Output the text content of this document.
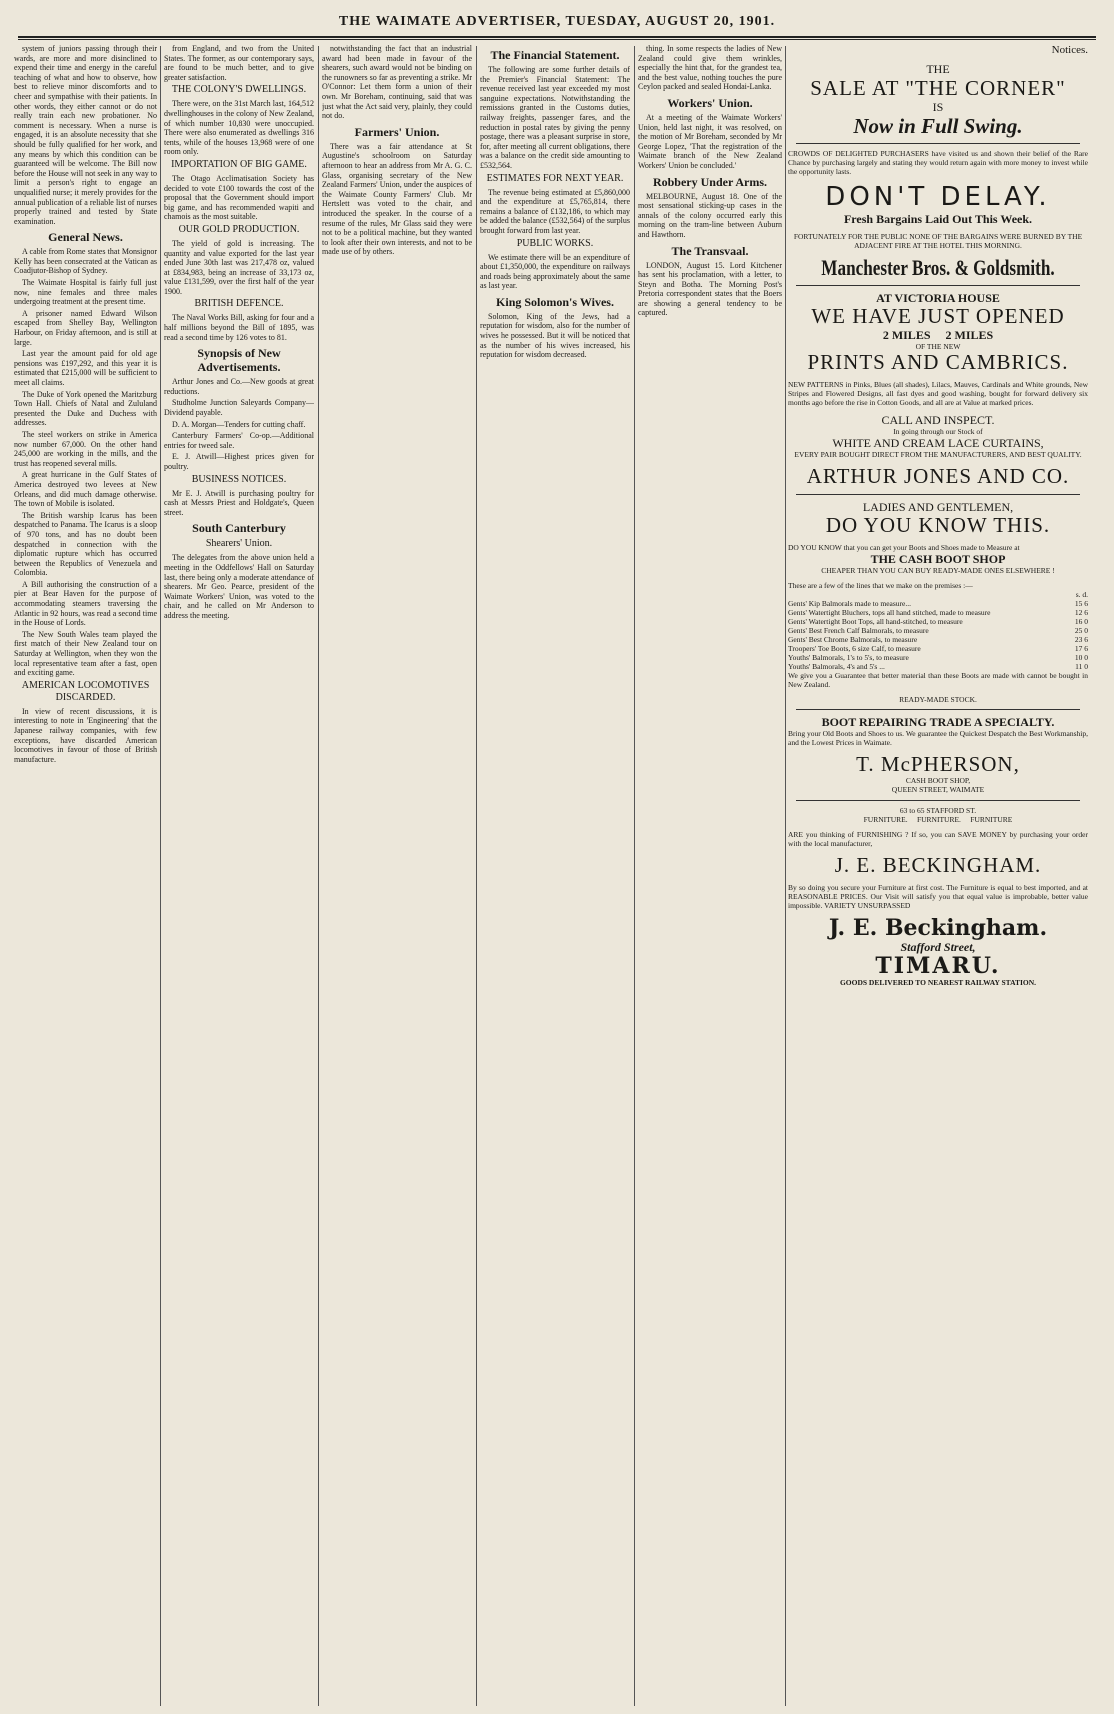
THE WAIMATE ADVERTISER, TUESDAY, AUGUST 20, 1901.

system of juniors passing through their wards, are more and more disinclined to expend their time and energy in the careful teaching of what and how to observe, how best to relieve minor discomforts and to cheer and sympathise with their patients. In other words, they either cannot or do not really train each new probationer. No comment is necessary. When a nurse is engaged, it is an absolute necessity that she should be fully qualified for her work, and any means by which this condition can be guaranteed will be welcome. The Bill now before the House will not seek in any way to limit a person's right to engage an unqualified nurse; it merely provides for the annual publication of a reliable list of nurses properly trained and tested by State examination.

General News.

A cable from Rome states that Monsignor Kelly has been consecrated at the Vatican as Coadjutor-Bishop of Sydney.

The Waimate Hospital is fairly full just now, nine females and three males undergoing treatment at the present time.

A prisoner named Edward Wilson escaped from Shelley Bay, Wellington Harbour, on Friday afternoon, and is still at large.

Last year the amount paid for old age pensions was £197,292, and this year it is estimated that £215,000 will be sufficient to meet all claims.

The Duke of York opened the Maritzburg Town Hall. Chiefs of Natal and Zululand presented the Duke and Duchess with addresses.

The steel workers on strike in America now number 67,000. On the other hand 245,000 are working in the mills, and the trust has reopened several mills.

A great hurricane in the Gulf States of America destroyed two levees at New Orleans, and did much damage otherwise. The town of Mobile is isolated.

The British warship Icarus has been despatched to Panama. The Icarus is a sloop of 970 tons, and has no doubt been despatched in connection with the diplomatic rupture which has occurred between the Republics of Venezuela and Colombia.

A Bill authorising the construction of a pier at Bear Haven for the purpose of accommodating steamers traversing the Atlantic in 92 hours, was read a second time in the House of Lords.

The New South Wales team played the first match of their New Zealand tour on Saturday at Wellington, when they won the local representative team after a fast, open and exciting game.

AMERICAN LOCOMOTIVES DISCARDED.

In view of recent discussions, it is interesting to note in 'Engineering' that the Japanese railway companies, with few exceptions, have discarded American locomotives in favour of those of British manufacture.

from England, and two from the United States. The former, as our contemporary says, are found to be much better, and to give greater satisfaction.

THE COLONY'S DWELLINGS.

There were, on the 31st March last, 164,512 dwellinghouses in the colony of New Zealand, of which number 10,830 were unoccupied. There were also enumerated as dwellings 316 tents, while of the houses 13,968 were of one room only.

IMPORTATION OF BIG GAME.

The Otago Acclimatisation Society has decided to vote £100 towards the cost of the proposal that the Government should import big game, and has recommended wapiti and chamois as the most suitable.

OUR GOLD PRODUCTION.

The yield of gold is increasing. The quantity and value exported for the last year ended June 30th last was 217,478 oz, valued at £834,983, being an increase of 33,173 oz, value £131,599, over the first half of the year 1900.

BRITISH DEFENCE.

The Naval Works Bill, asking for four and a half millions beyond the Bill of 1895, was read a second time by 126 votes to 81.

Synopsis of New Advertisements.

Arthur Jones and Co.—New goods at great reductions.

Studholme Junction Saleyards Company—Dividend payable.

D. A. Morgan—Tenders for cutting chaff.

Canterbury Farmers' Co-op.—Additional entries for tweed sale.

E. J. Atwill—Highest prices given for poultry.

BUSINESS NOTICES.

Mr E. J. Atwill is purchasing poultry for cash at Messrs Priest and Holdgate's, Queen street.

South Canterbury
Shearers' Union.

The delegates from the above union held a meeting in the Oddfellows' Hall on Saturday last, there being only a moderate attendance of shearers. Mr Geo. Pearce, president of the Waimate Workers' Union, was voted to the chair, and he called on Mr Anderson to address the meeting.

notwithstanding the fact that an industrial award had been made in favour of the shearers, such award would not be binding on the runowners so far as preventing a strike. Mr O'Connor: Let them form a union of their own. Mr Boreham, continuing, said that was just what the Act said very, plainly, they could not do.

Farmers' Union.

There was a fair attendance at St Augustine's schoolroom on Saturday afternoon to hear an address from Mr A. G. C. Glass, organising secretary of the New Zealand Farmers' Union, under the auspices of the Waimate County Farmers' Club. Mr Hertslett was voted to the chair, and introduced the speaker. In the course of a resume of the rules, Mr Glass said they were not to be a political machine, but they wanted to look after their own interests, and not to be made use of by others.

The Financial Statement.

The following are some further details of the Premier's Financial Statement: The revenue received last year exceeded my most sanguine expectations. Notwithstanding the remissions granted in the Customs duties, railway freights, passenger fares, and the reduction in postal rates by giving the penny postage, there was a pleasant surprise in store, for, after meeting all current obligations, there was a balance on the credit side amounting to £532,564.

ESTIMATES FOR NEXT YEAR.

The revenue being estimated at £5,860,000 and the expenditure at £5,765,814, there remains a balance of £132,186, to which may be added the balance (£532,564) of the surplus brought forward from last year.

PUBLIC WORKS.

We estimate there will be an expenditure of about £1,350,000, the expenditure on railways and roads being approximately about the same as last year.

King Solomon's Wives.

Solomon, King of the Jews, had a reputation for wisdom, also for the number of wives he possessed. But it will be noticed that as the number of his wives increased, his reputation for wisdom decreased.

thing. In some respects the ladies of New Zealand could give them wrinkles, especially the hint that, for the grandest tea, and the best value, nothing touches the pure Ceylon packed and sealed Hondai-Lanka.

Workers' Union.

At a meeting of the Waimate Workers' Union, held last night, it was resolved, on the motion of Mr Boreham, seconded by Mr George Lopez, 'That the registration of the Waimate branch of the New Zealand Workers' Union be concluded.'

Robbery Under Arms.

MELBOURNE, August 18. One of the most sensational sticking-up cases in the annals of the colony occurred early this morning on the tram-line between Auburn and Hawthorn.

The Transvaal.

LONDON, August 15. Lord Kitchener has sent his proclamation, with a letter, to Steyn and Botha. The Morning Post's Pretoria correspondent states that the Boers are showing a general tendency to be captured.

Notices.
THE
SALE AT "THE CORNER"
IS
Now in Full Swing.
CROWDS OF DELIGHTED PURCHASERS have visited us and shown their belief of the Rare Chance by purchasing largely and stating they would return again with more money to invest while the opportunity lasts.
DON'T DELAY.
Fresh Bargains Laid Out This Week.
FORTUNATELY FOR THE PUBLIC NONE OF THE BARGAINS WERE BURNED BY THE ADJACENT FIRE AT THE HOTEL THIS MORNING.
Manchester Bros. & Goldsmith.
AT VICTORIA HOUSE
WE HAVE JUST OPENED
2 MILES     2 MILES
OF THE NEW
PRINTS AND CAMBRICS.
NEW PATTERNS in Pinks, Blues (all shades), Lilacs, Mauves, Cardinals and White grounds, New Stripes and Flowered Designs, all fast dyes and good washing, bought for forward delivery six months ago before the rise in Cotton Goods, and all are at Value at marked prices.
CALL AND INSPECT.
In going through our Stock of
WHITE AND CREAM LACE CURTAINS,
EVERY PAIR BOUGHT DIRECT FROM THE MANUFACTURERS, AND BEST QUALITY.
ARTHUR JONES AND CO.
LADIES AND GENTLEMEN,
DO YOU KNOW THIS.
DO YOU KNOW that you can get your Boots and Shoes made to Measure at
THE CASH BOOT SHOP
CHEAPER THAN YOU CAN BUY READY-MADE ONES ELSEWHERE !
These are a few of the lines that we make on the premises :—
s. d.
Gents' Kip Balmorals made to measure...	15 6
Gents' Watertight Bluchers, tops all hand stitched, made to measure	12 6
Gents' Watertight Boot Tops, all hand-stitched, to measure	16 0
Gents' Best French Calf Balmorals, to measure	25 0
Gents' Best Chrome Balmorals, to measure	23 6
Troopers' Toe Boots, 6 size Calf, to measure	17 6
Youths' Balmorals, 1's to 5's, to measure	10 0
Youths' Balmorals, 4's and 5's ...	11 0
We give you a Guarantee that better material than these Boots are made with cannot be bought in New Zealand.
READY-MADE STOCK.
BOOT REPAIRING TRADE A SPECIALTY.
Bring your Old Boots and Shoes to us. We guarantee the Quickest Despatch the Best Workmanship, and the Lowest Prices in Waimate.
T. McPHERSON,
CASH BOOT SHOP,
QUEEN STREET, WAIMATE
63 to 65 STAFFORD ST.
FURNITURE.     FURNITURE.     FURNITURE
ARE you thinking of FURNISHING ? If so, you can SAVE MONEY by purchasing your order with the local manufacturer,
J. E. BECKINGHAM.
By so doing you secure your Furniture at first cost. The Furniture is equal to best imported, and at REASONABLE PRICES. Our Visit will satisfy you that equal value is improbable, better value impossible. VARIETY UNSURPASSED
J. E. Beckingham.
Stafford Street,
TIMARU.
GOODS DELIVERED TO NEAREST RAILWAY STATION.
